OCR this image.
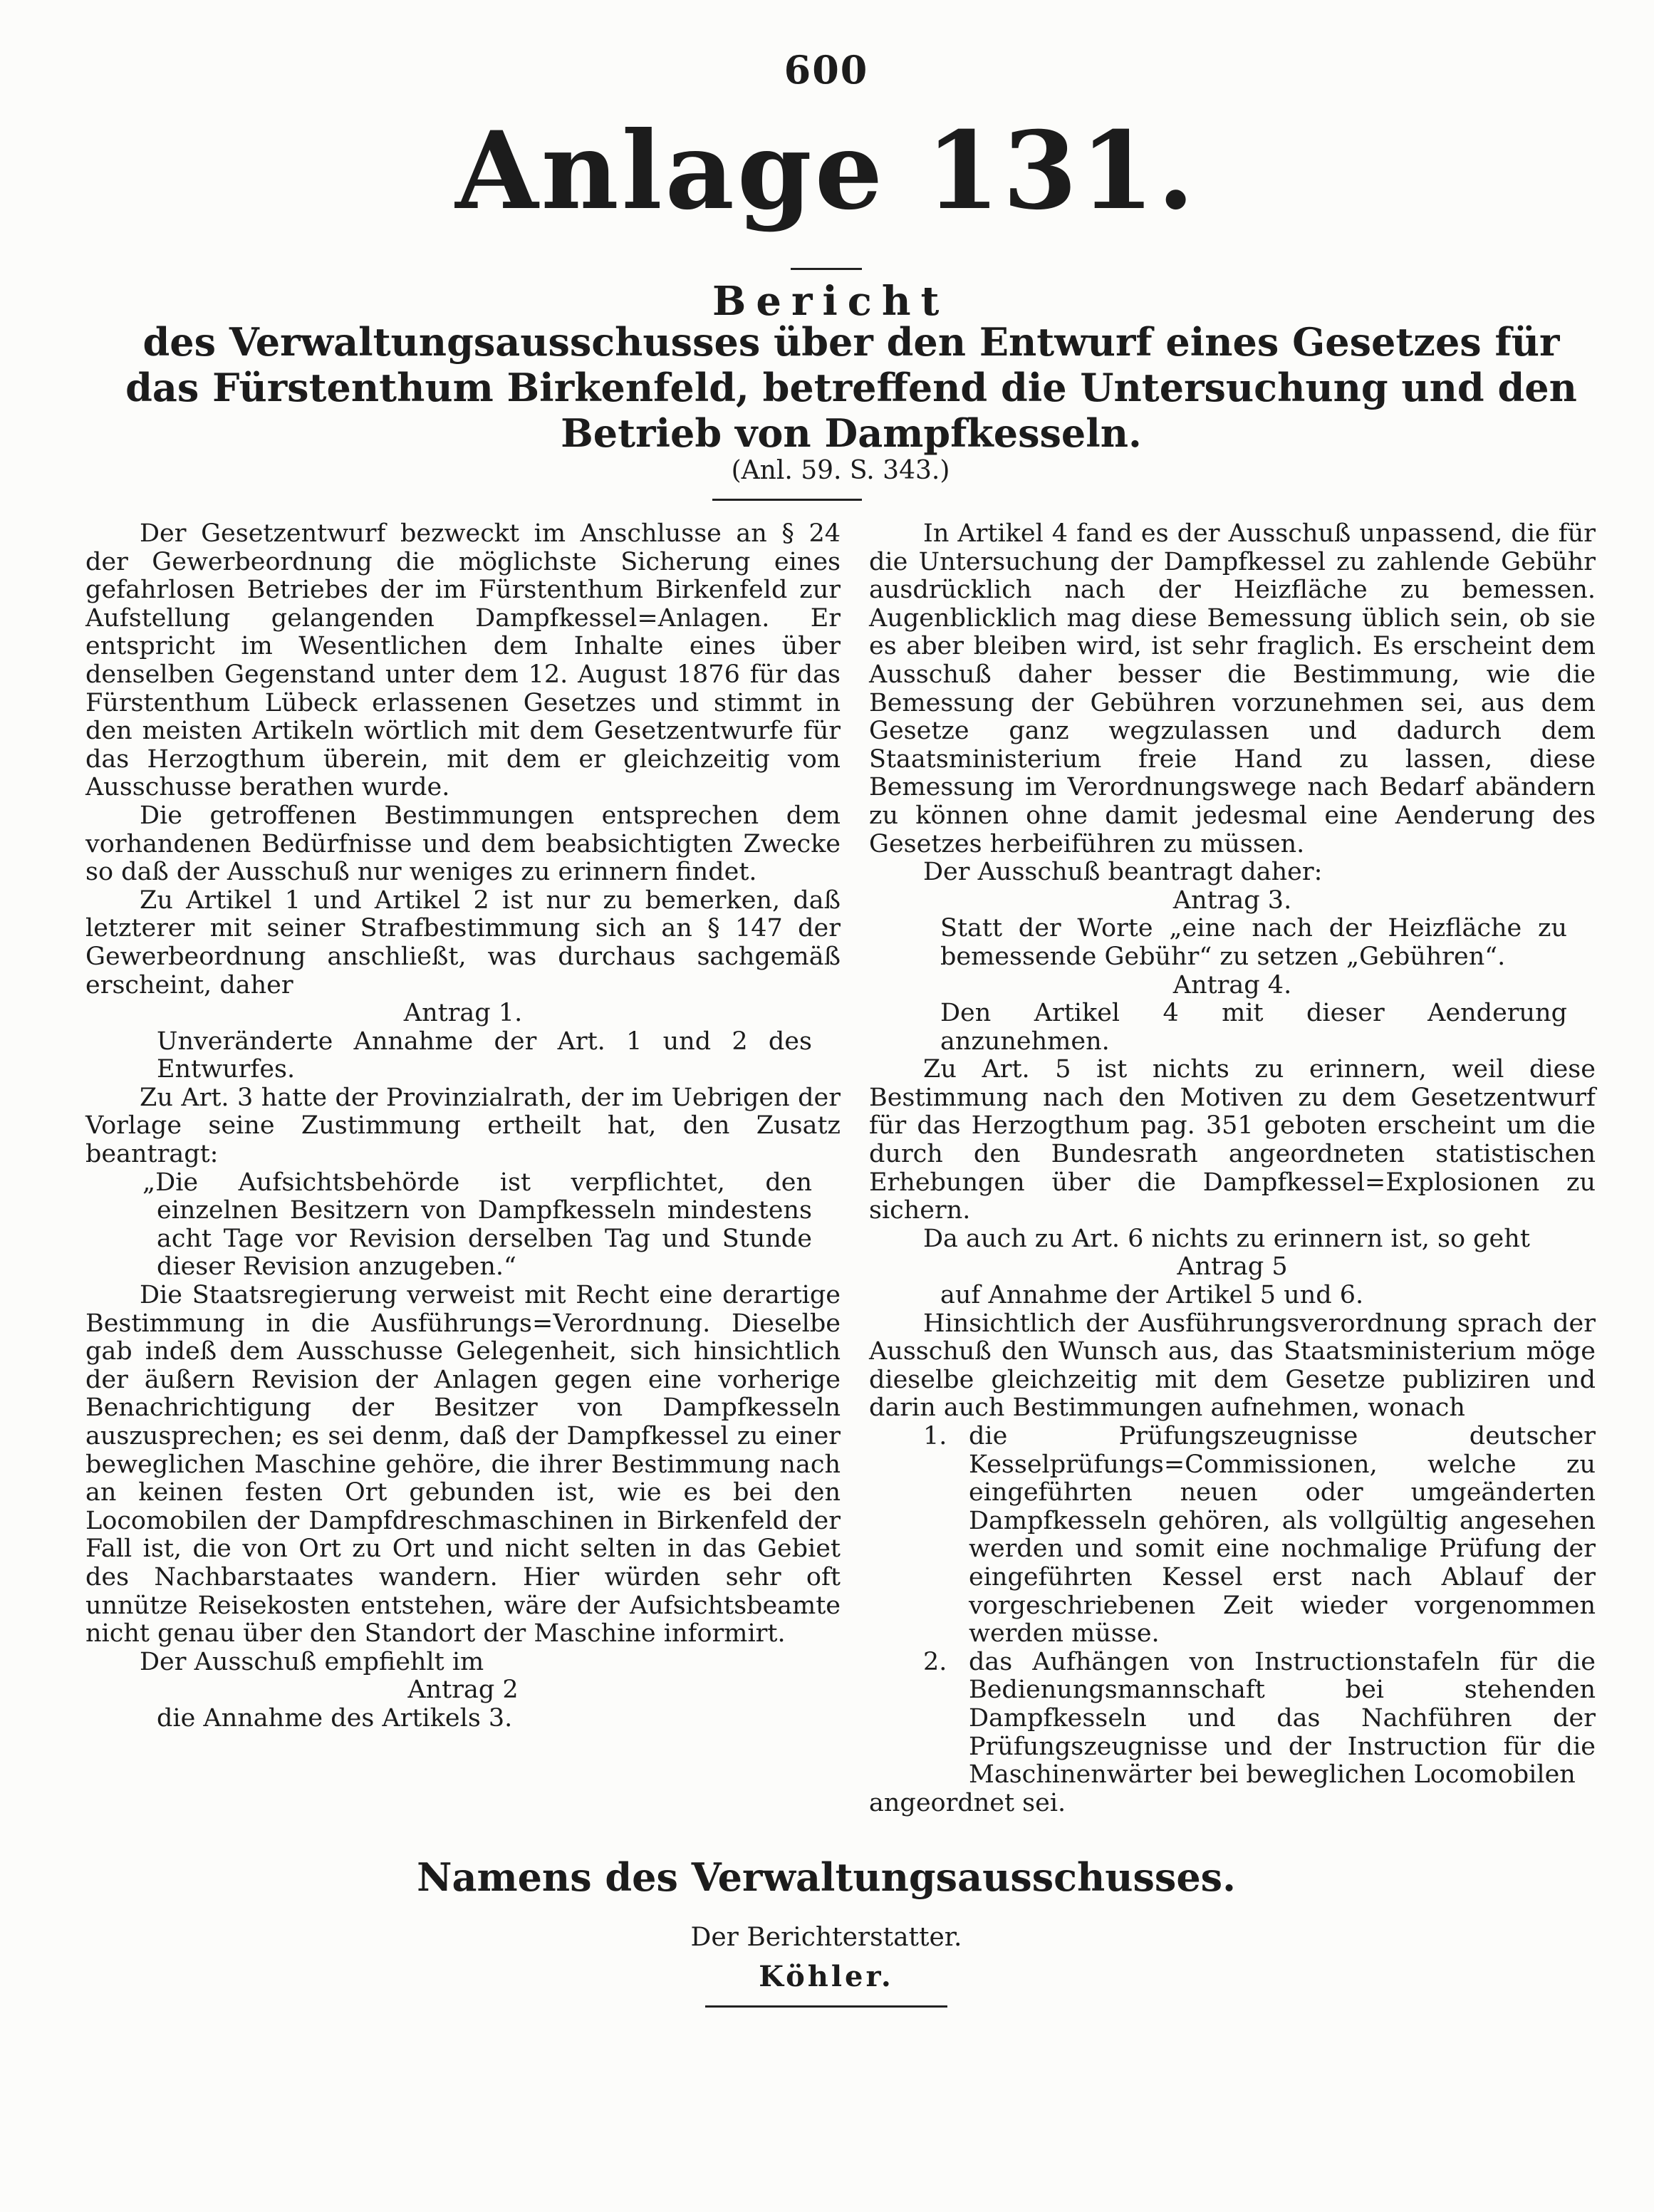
600
Anlage 131.
Bericht
des Verwaltungsausschusses über den Entwurf eines Gesetzes für das Fürstenthum Birkenfeld, betreffend die Untersuchung und den Betrieb von Dampfkesseln.
(Anl. 59. S. 343.)

Der Gesetzentwurf bezweckt im Anschlusse an § 24 der Gewerbeordnung die möglichste Sicherung eines gefahrlosen Betriebes der im Fürstenthum Birkenfeld zur Aufstellung gelangenden Dampfkessel=Anlagen. Er entspricht im Wesentlichen dem Inhalte eines über denselben Gegenstand unter dem 12. August 1876 für das Fürstenthum Lübeck erlassenen Gesetzes und stimmt in den meisten Artikeln wörtlich mit dem Gesetzentwurfe für das Herzogthum überein, mit dem er gleichzeitig vom Ausschusse berathen wurde.

Die getroffenen Bestimmungen entsprechen dem vorhandenen Bedürfnisse und dem beabsichtigten Zwecke so daß der Ausschuß nur weniges zu erinnern findet.

Zu Artikel 1 und Artikel 2 ist nur zu bemerken, daß letzterer mit seiner Strafbestimmung sich an § 147 der Gewerbeordnung anschließt, was durchaus sachgemäß erscheint, daher

Antrag 1.

Unveränderte Annahme der Art. 1 und 2 des Entwurfes.

Zu Art. 3 hatte der Provinzialrath, der im Uebrigen der Vorlage seine Zustimmung ertheilt hat, den Zusatz beantragt:

„Die Aufsichtsbehörde ist verpflichtet, den einzelnen Besitzern von Dampfkesseln mindestens acht Tage vor Revision derselben Tag und Stunde dieser Revision anzugeben.“

Die Staatsregierung verweist mit Recht eine derartige Bestimmung in die Ausführungs=Verordnung. Dieselbe gab indeß dem Ausschusse Gelegenheit, sich hinsichtlich der äußern Revision der Anlagen gegen eine vorherige Benachrichtigung der Besitzer von Dampfkesseln auszusprechen; es sei denm, daß der Dampfkessel zu einer beweglichen Maschine gehöre, die ihrer Bestimmung nach an keinen festen Ort gebunden ist, wie es bei den Locomobilen der Dampfdreschmaschinen in Birkenfeld der Fall ist, die von Ort zu Ort und nicht selten in das Gebiet des Nachbarstaates wandern. Hier würden sehr oft unnütze Reisekosten entstehen, wäre der Aufsichtsbeamte nicht genau über den Standort der Maschine informirt.

Der Ausschuß empfiehlt im

Antrag 2

die Annahme des Artikels 3.

In Artikel 4 fand es der Ausschuß unpassend, die für die Untersuchung der Dampfkessel zu zahlende Gebühr ausdrücklich nach der Heizfläche zu bemessen. Augenblicklich mag diese Bemessung üblich sein, ob sie es aber bleiben wird, ist sehr fraglich. Es erscheint dem Ausschuß daher besser die Bestimmung, wie die Bemessung der Gebühren vorzunehmen sei, aus dem Gesetze ganz wegzulassen und dadurch dem Staatsministerium freie Hand zu lassen, diese Bemessung im Verordnungswege nach Bedarf abändern zu können ohne damit jedesmal eine Aenderung des Gesetzes herbeiführen zu müssen.

Der Ausschuß beantragt daher:

Antrag 3.

Statt der Worte „eine nach der Heizfläche zu bemessende Gebühr“ zu setzen „Gebühren“.

Antrag 4.

Den Artikel 4 mit dieser Aenderung anzunehmen.

Zu Art. 5 ist nichts zu erinnern, weil diese Bestimmung nach den Motiven zu dem Gesetzentwurf für das Herzogthum pag. 351 geboten erscheint um die durch den Bundesrath angeordneten statistischen Erhebungen über die Dampfkessel=Explosionen zu sichern.

Da auch zu Art. 6 nichts zu erinnern ist, so geht

Antrag 5

auf Annahme der Artikel 5 und 6.

Hinsichtlich der Ausführungsverordnung sprach der Ausschuß den Wunsch aus, das Staatsministerium möge dieselbe gleichzeitig mit dem Gesetze publiziren und darin auch Bestimmungen aufnehmen, wonach

1. die Prüfungszeugnisse deutscher Kesselprüfungs=Commissionen, welche zu eingeführten neuen oder umgeänderten Dampfkesseln gehören, als vollgültig angesehen werden und somit eine nochmalige Prüfung der eingeführten Kessel erst nach Ablauf der vorgeschriebenen Zeit wieder vorgenommen werden müsse.
2. das Aufhängen von Instructionstafeln für die Bedienungsmannschaft bei stehenden Dampfkesseln und das Nachführen der Prüfungszeugnisse und der Instruction für die Maschinenwärter bei beweglichen Locomobilen

angeordnet sei.

Namens des Verwaltungsausschusses.
Der Berichterstatter.
Köhler.
